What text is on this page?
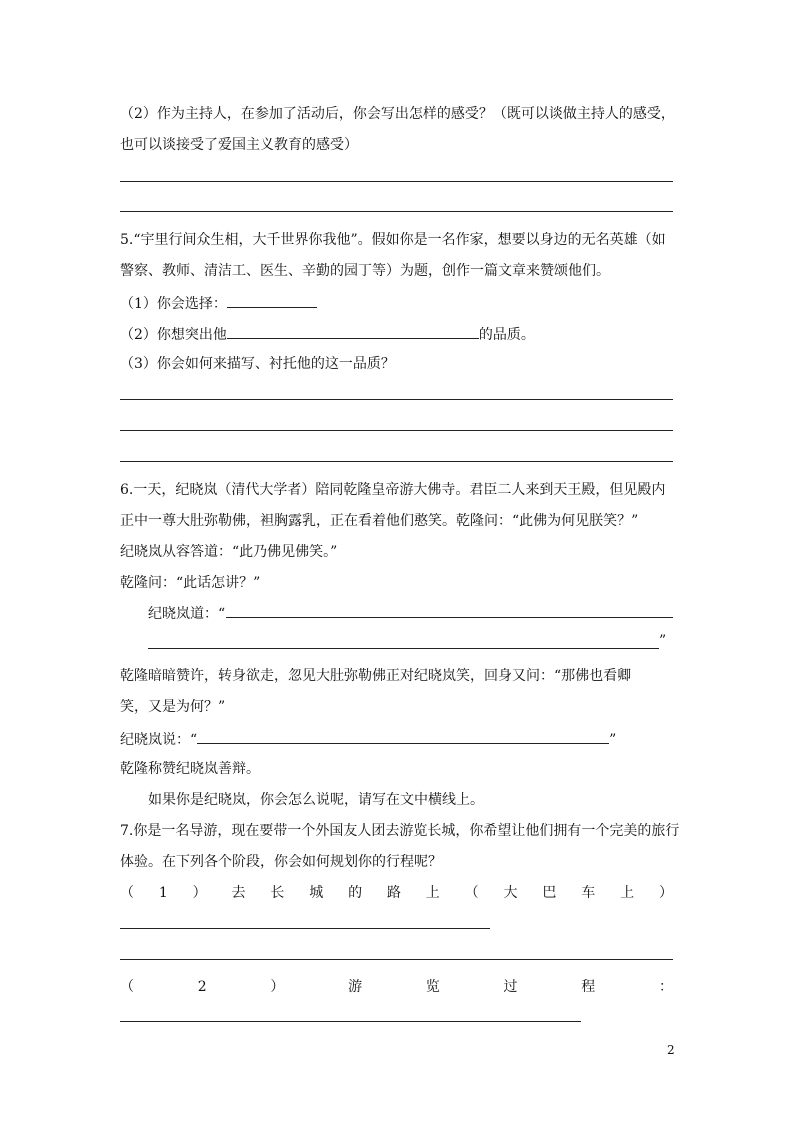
（2）作为主持人，在参加了活动后，你会写出怎样的感受？（既可以谈做主持人的感受，
也可以谈接受了爱国主义教育的感受）
5.“宇里行间众生相，大千世界你我他”。假如你是一名作家，想要以身边的无名英雄（如
警察、教师、清洁工、医生、辛勤的园丁等）为题，创作一篇文章来赞颂他们。
（1）你会选择：
（2）你想突出他	的品质。
（3）你会如何来描写、衬托他的这一品质？
6.一天，纪晓岚（清代大学者）陪同乾隆皇帝游大佛寺。君臣二人来到天王殿，但见殿内
正中一尊大肚弥勒佛，袒胸露乳，正在看着他们憨笑。乾隆问：“此佛为何见朕笑？”
纪晓岚从容答道：“此乃佛见佛笑。”
乾隆问：“此话怎讲？”
纪晓岚道：“
”
乾隆暗暗赞许，转身欲走，忽见大肚弥勒佛正对纪晓岚笑，回身又问：“那佛也看卿
笑，又是为何？”
纪晓岚说：“	”
乾隆称赞纪晓岚善辩。
如果你是纪晓岚，你会怎么说呢，请写在文中横线上。
7.你是一名导游，现在要带一个外国友人团去游览长城，你希望让他们拥有一个完美的旅行
体验。在下列各个阶段，你会如何规划你的行程呢？
（ 1 ） 去 长 城 的 路 上 （ 大 巴 车 上 ）
（	2	）	游	览	过	程	：
2
